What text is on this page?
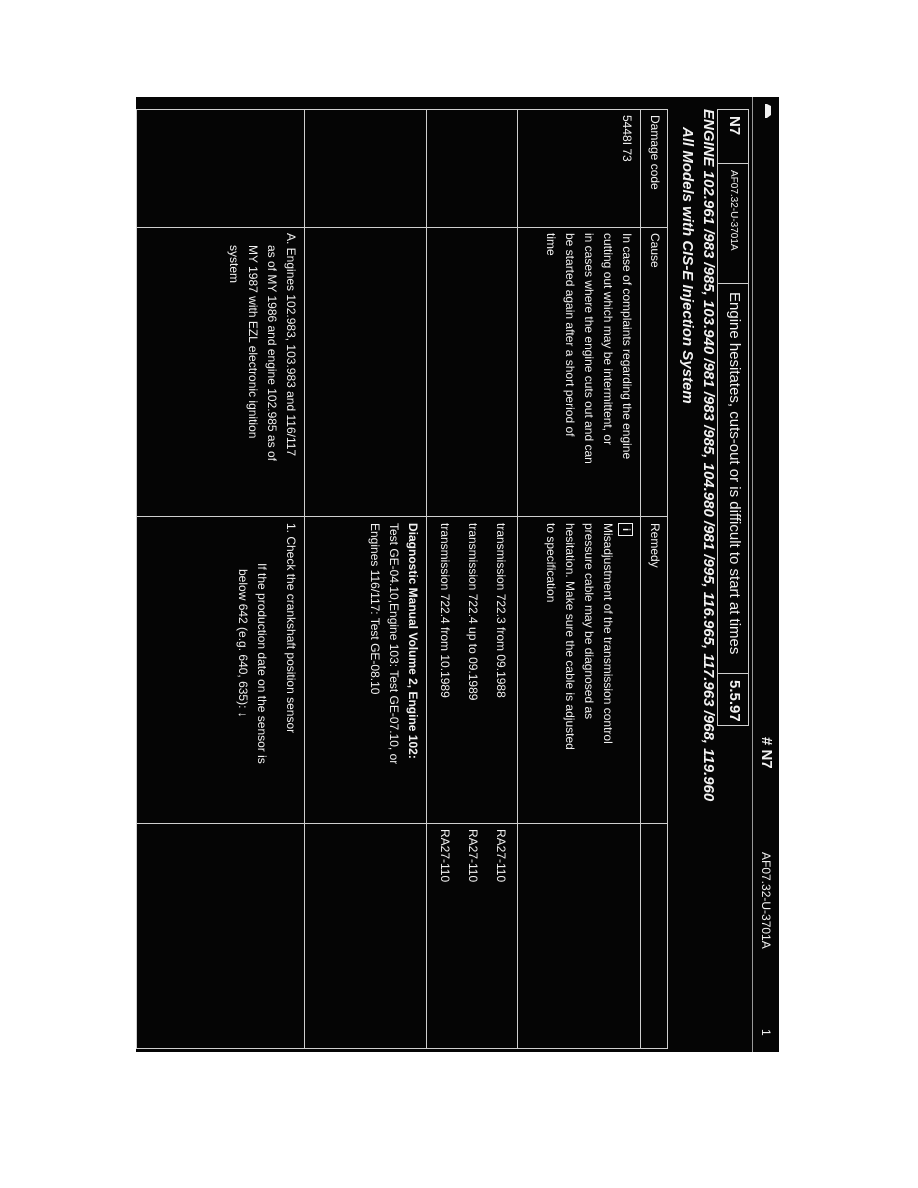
# N7
AF07.32-U-3701A
1
N7
AF07.32-U-3701A
Engine hesitates, cuts-out or is difficult to start at times
5.5.97
ENGINE 102.961 /983 /985, 103.940 /981 /983 /985, 104.980 /981 /995, 116.965, 117.963 /968, 119.960
All Models with CIS-E Injection System
Damage code
Cause
Remedy
5448I 73
In case of complaints regarding the engine
cutting out which may be intermittent, or
in cases where the engine cuts out and can
be started again after a short period of
time
i
Misadjustment of the transmission control
pressure cable may be diagnosed as
hesitation. Make sure the cable is adjusted
to specification
transmission 722.3 from 09.1988
transmission 722.4 up to 09.1989
transmission 722.4 from 10.1989
RA27-110
RA27-110
RA27-110
Diagnostic Manual Volume 2, Engine 102:
Test GE-04.10,Engine 103: Test GE-07.10, or
Engines 116/117: Test GE-08.10
A. Engines 102.983, 103.983 and 116/117
as of MY 1986 and engine 102.985 as of
MY 1987 with EZL electronic ignition
system
1. Check the crankshaft position sensor
If the production date on the sensor is
below 642 (e.g. 640, 635): ↓
